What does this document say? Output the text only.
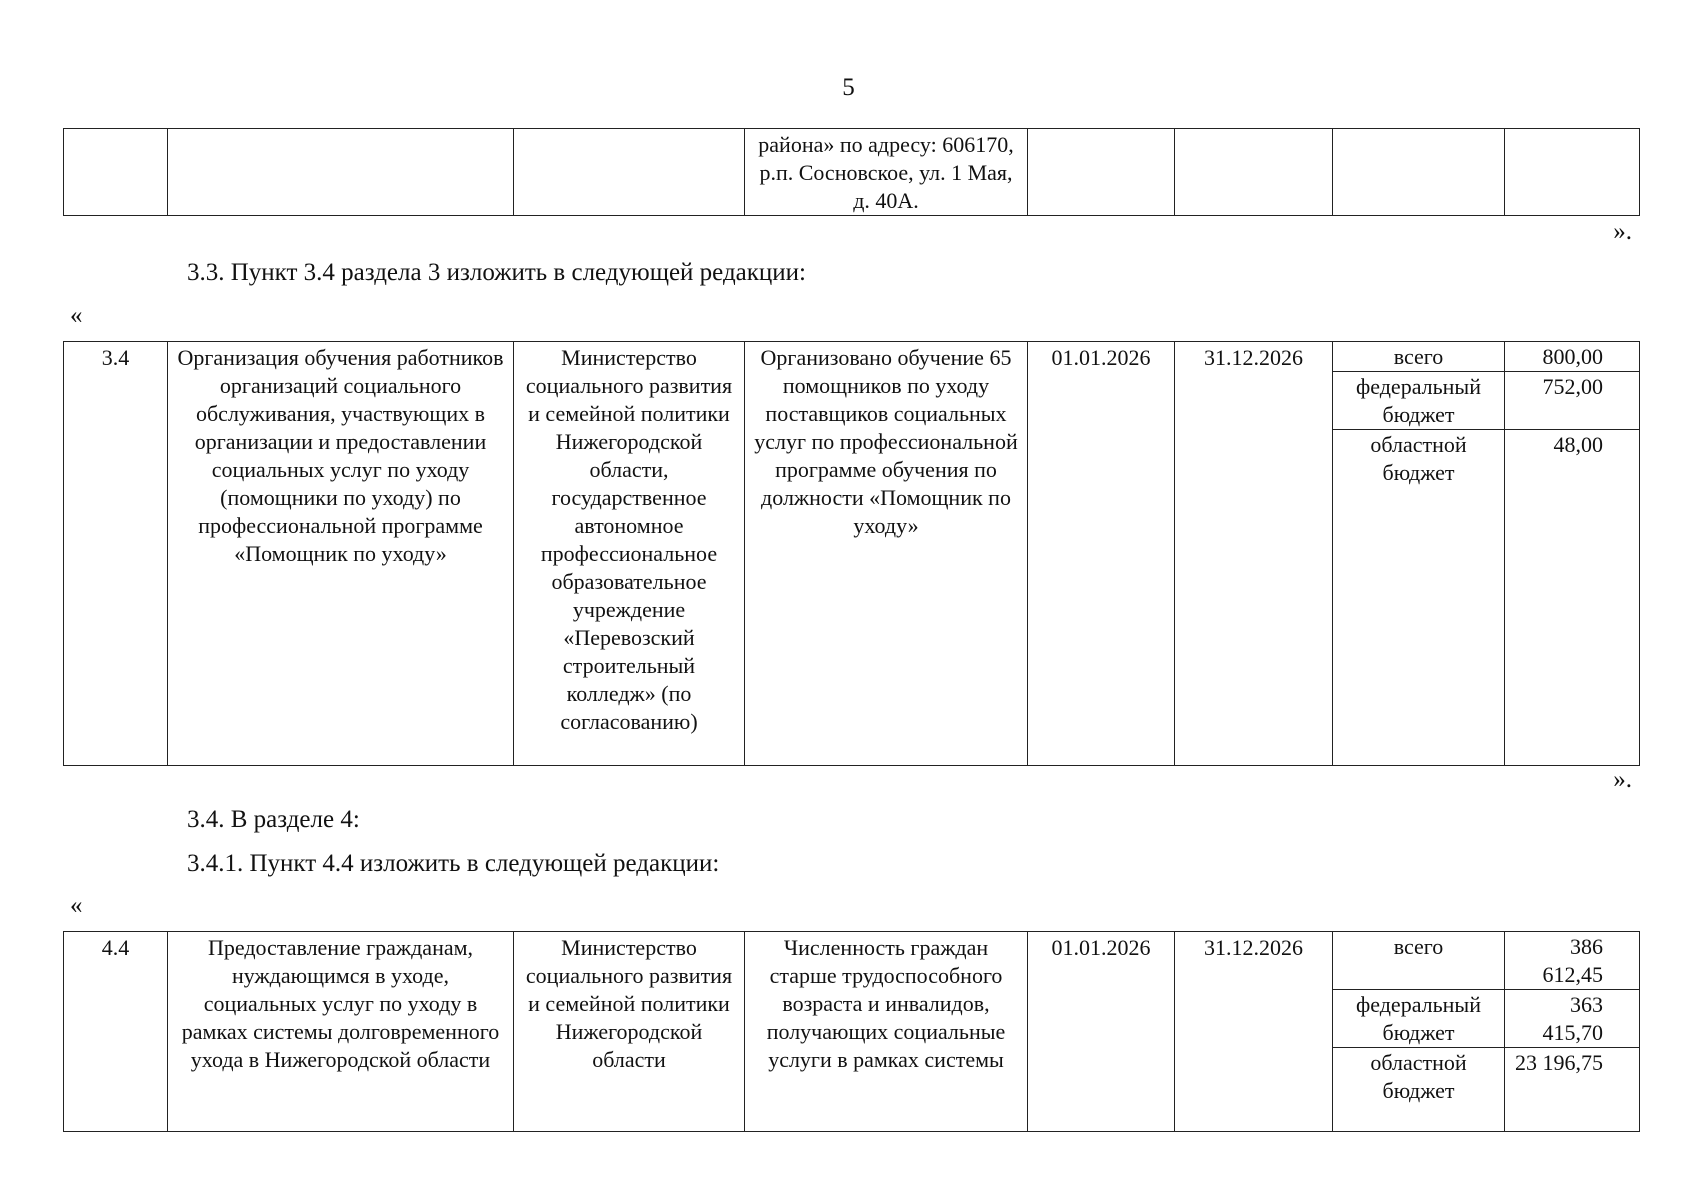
5
			района» по адресу: 606170, р.п. Сосновское, ул. 1 Мая, д. 40А.				
».
3.3. Пункт 3.4 раздела 3 изложить в следующей редакции:
«
3.4	Организация обучения работников организаций социального обслуживания, участвующих в организации и предоставлении социальных услуг по уходу (помощники по уходу) по профессиональной программе «Помощник по уходу»	Министерство социального развития и семейной политики Нижегородской области, государственное автономное профессиональное образовательное учреждение «Перевозский строительный колледж» (по согласованию)	Организовано обучение 65 помощников по уходу поставщиков социальных услуг по профессиональной программе обучения по должности «Помощник по уходу»	01.01.2026	31.12.2026	всего	800,00
						федеральный бюджет	752,00
						областной бюджет	48,00
».
3.4. В разделе 4:
3.4.1. Пункт 4.4 изложить в следующей редакции:
«
4.4	Предоставление гражданам, нуждающимся в уходе, социальных услуг по уходу в рамках системы долговременного ухода в Нижегородской области	Министерство социального развития и семейной политики Нижегородской области	Численность граждан старше трудоспособного возраста и инвалидов, получающих социальные услуги в рамках системы	01.01.2026	31.12.2026	всего	386 612,45
						федеральный бюджет	363 415,70
						областной бюджет	23 196,75
